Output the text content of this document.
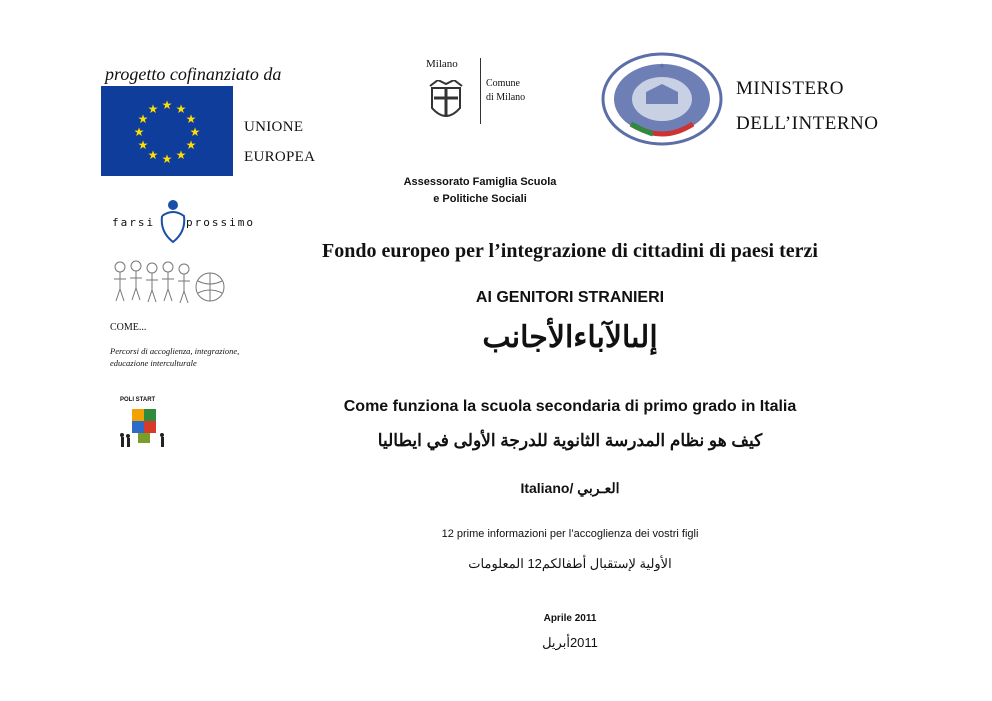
progetto cofinanziato da
★ ★
★
★
★
★
★
★
★
★
★
★
UNIONE
EUROPEA
farsi	prossimo
COME...
Percorsi di accoglienza, integrazione,
educazione interculturale
POLI START
Milano
Comune
di Milano
Assessorato Famiglia Scuola
e Politiche Sociali
★
MINISTERO
DELL’INTERNO
Fondo europeo per l’integrazione di cittadini di paesi terzi
AI GENITORI STRANIERI
إلىالآباءالأجانب
Come funziona la scuola secondaria di primo grado in Italia
كيف هو نظام المدرسة الثانوية للدرجة الأولى في ايطاليا
Italiano/ العـربي
12 prime informazioni per l’accoglienza dei vostri figli
الأولية لإستقبال أطفالكم12 المعلومات
Aprile 2011
2011أبريل
